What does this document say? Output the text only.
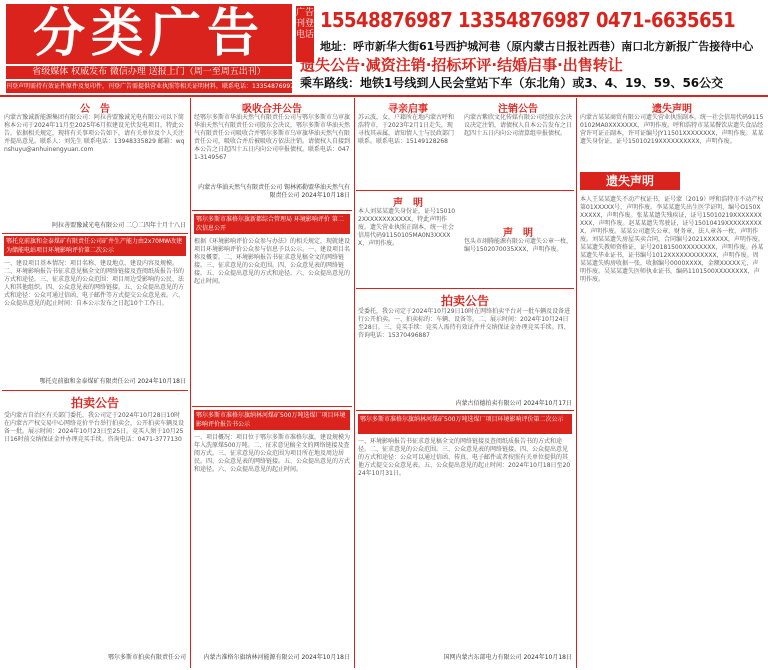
分类广告
省级媒体 权威发布 微信办理 送报上门（周一至周五出刊）
刊登声明需持有效证件原件及复印件，刊登广告需提供营业执照等相关证明材料，联系电话：13354876997 广告刊登相关事宜请咨询工作人员
广告刊登电话
15548876987 13354876987 0471-6635651
地址：呼市新华大街61号西护城河巷（原内蒙古日报社西巷）南口北方新报广告接待中心
遗失公告·减资注销·招标环评·结婚启事·出售转让
乘车路线：地铁1号线到人民会堂站下车（东北角）或3、4、19、59、56公交
公　告
内蒙古豫诚新能源集团有限公司：阿拉善盟豫诚光电有限公司以下简称本公司于2024年11月至2025年6月拟建设光伏发电项目，特此公告。依据相关规定，现将有关事项公告如下，请有关单位及个人关注并提出意见。联系人：刘先生 联系电话：13948335829 邮箱：wqnshuyu@anhuinengyuan.com
阿拉善盟豫诚光电有限公司 二〇二四年十月十八日
鄂托克前旗和金泰煤矿有限责任公司矿井生产能力由2x70MW改建为储能电站项目环境影响评价第二次公示
一、建设项目基本情况：项目名称、建设地点、建设内容及规模。二、环境影响报告书征求意见稿全文的网络链接及查阅纸质报告书的方式和途径。三、征求意见的公众范围：项目周边受影响的公民、法人和其他组织。四、公众意见表的网络链接。五、公众提出意见的方式和途径：公众可通过信函、电子邮件等方式提交公众意见表。六、公众提出意见的起止时间：自本公示发布之日起10个工作日。
鄂托克前旗和金泰煤矿有限责任公司 2024年10月18日
拍卖公告
受内蒙古自治区有关部门委托，我公司定于2024年10月28日10时在内蒙古产权交易中心网络竞价平台举行拍卖会，公开拍卖车辆及设备一批。展示时间：2024年10月23日至25日。竞买人须于10月25日16时前交纳保证金并办理竞买手续。咨询电话：0471-3777130
鄂尔多斯市拍卖有限责任公司
吸收合并公告
经鄂尔多斯市华油天然气有限责任公司与鄂尔多斯市乌审旗华油天然气有限责任公司股东会决议，鄂尔多斯市华油天然气有限责任公司吸收合并鄂尔多斯市乌审旗华油天然气有限责任公司，吸收合并后被吸收方依法注销。请债权人自接到本公告之日起四十五日内向公司申报债权。联系电话：0471-3149567
内蒙古华油天然气有限责任公司 锡林郭勒盟华油天然气有限责任公司 2024年10月18日
鄂尔多斯市准格尔旗新都综合管理局 环境影响评价 第二次信息公开
根据《环境影响评价公众参与办法》的相关规定，现就建设项目环境影响评价公众参与信息予以公示。一、建设项目名称及概要。二、环境影响报告书征求意见稿全文的网络链接。三、征求意见的公众范围。四、公众意见表的网络链接。五、公众提出意见的方式和途径。六、公众提出意见的起止时间。
鄂尔多斯市准格尔旗纳林河煤矿500万吨选煤厂项目环境影响评价报告书公示
一、项目概况：项目位于鄂尔多斯市准格尔旗，建设规模为年入洗原煤500万吨。二、征求意见稿全文的网络链接及查阅方式。三、征求意见的公众范围为项目所在地及周边居民。四、公众意见表的网络链接。五、公众提出意见的方式和途径。六、公众提出意见的起止时间。
内蒙古准格尔旗纳林河能源有限公司 2024年10月18日
寻亲启事
苏云波，女，户籍所在地内蒙古呼和浩特市，于2023年2月1日走失，现寻找其亲属，请知情人士与民政部门联系。联系电话：15149128268
注销公告
内蒙古紫欣文化传媒有限公司经股东会决议决定注销，请债权人自本公告发布之日起四十五日内向公司清算组申报债权。
声　明
本人刘某某遗失身份证，证号150102XXXXXXXXXXXX，特此声明作废。遗失营业执照正副本，统一社会信用代码91150105MA0N3XXXXX，声明作废。
声　明
包头市翊腾能源有限公司遗失公章一枚，编号1502070035XXX，声明作废。
拍卖公告
受委托，我公司定于2024年10月29日10时在网络拍卖平台对一批车辆及设备进行公开拍卖。一、拍卖标的：车辆、设备等。二、展示时间：2024年10月24日至28日。三、竞买手续：竞买人需持有效证件并交纳保证金办理竞买手续。四、咨询电话：15370496887
内蒙古佰德拍卖有限公司 2024年10月17日
鄂尔多斯市准格尔旗纳林河煤矿500万吨选煤厂项目环境影响评价第二次公示
一、环境影响报告书征求意见稿全文的网络链接及查阅纸质报告书的方式和途径。二、征求意见的公众范围。三、公众意见表的网络链接。四、公众提出意见的方式和途径：公众可以通过信函、传真、电子邮件或者按照有关单位提供的其他方式提交公众意见表。五、公众提出意见的起止时间：2024年10月18日至2024年10月31日。
国网内蒙古东部电力有限公司 2024年10月18日
遗失声明
内蒙古某某商贸有限公司遗失营业执照副本，统一社会信用代码91150102MA0XXXXXXX，声明作废。呼和浩特市某某餐饮店遗失食品经营许可证正副本，许可证编号JY11501XXXXXXXX，声明作废。某某遗失身份证，证号15010219XXXXXXXXXX，声明作废。
遗失声明
本人王某某遗失不动产权证书，证号蒙（2019）呼和浩特市不动产权第01XXXXX号，声明作废。李某某遗失出生医学证明，编号O150XXXXXX，声明作废。张某某遗失残疾证，证号15010219XXXXXXXXXX，声明作废。赵某某遗失驾驶证，证号15010419XXXXXXXXXX，声明作废。某某公司遗失公章、财务章、法人章各一枚，声明作废。刘某某遗失房屋买卖合同，合同编号2021XXXXXX，声明作废。某某遗失教师资格证，证号20181500XXXXXXXX，声明作废。孙某某遗失毕业证书，证书编号1012XXXXXXXXXXXX，声明作废。周某某遗失购房收据一张，收据编号0000XXXX，金额XXXXX元，声明作废。吴某某遗失医师执业证书，编码1101500XXXXXXXX，声明作废。
